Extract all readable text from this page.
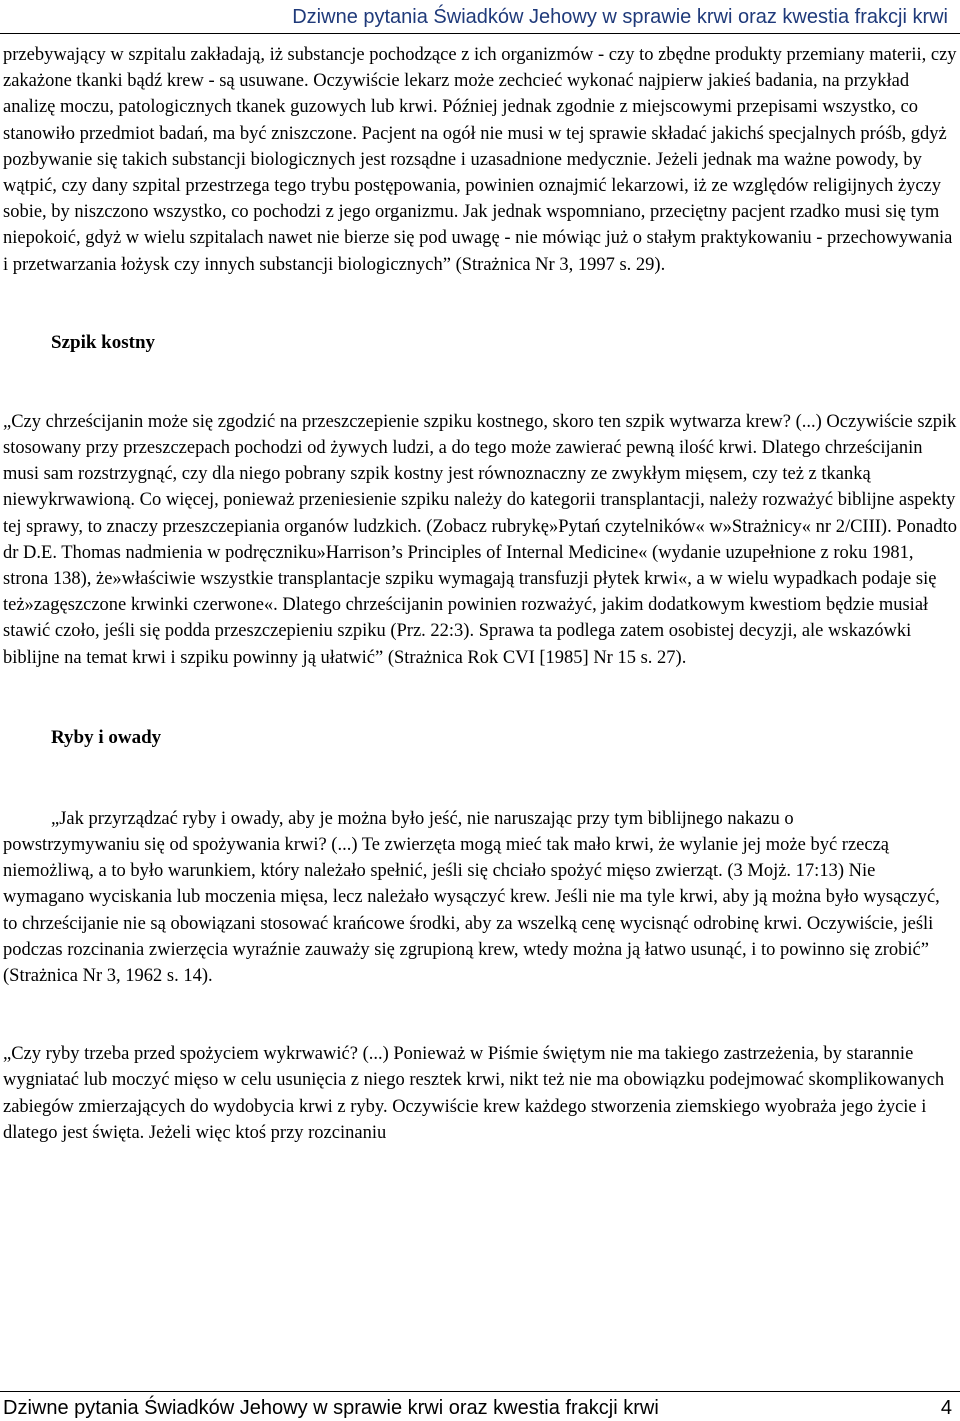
Dziwne pytania Świadków Jehowy w sprawie krwi oraz kwestia frakcji krwi

przebywający w szpitalu zakładają, iż substancje pochodzące z ich organizmów - czy to zbędne produkty przemiany materii, czy zakażone tkanki bądź krew - są usuwane. Oczywiście lekarz może zechcieć wykonać najpierw jakieś badania, na przykład analizę moczu, patologicznych tkanek guzowych lub krwi. Później jednak zgodnie z miejscowymi przepisami wszystko, co stanowiło przedmiot badań, ma być zniszczone. Pacjent na ogół nie musi w tej sprawie składać jakichś specjalnych próśb, gdyż pozbywanie się takich substancji biologicznych jest rozsądne i uzasadnione medycznie. Jeżeli jednak ma ważne powody, by wątpić, czy dany szpital przestrzega tego trybu postępowania, powinien oznajmić lekarzowi, iż ze względów religijnych życzy sobie, by niszczono wszystko, co pochodzi z jego organizmu. Jak jednak wspomniano, przeciętny pacjent rzadko musi się tym niepokoić, gdyż w wielu szpitalach nawet nie bierze się pod uwagę - nie mówiąc już o stałym praktykowaniu - przechowywania i przetwarzania łożysk czy innych substancji biologicznych” (Strażnica Nr 3, 1997 s. 29).

Szpik kostny

„Czy chrześcijanin może się zgodzić na przeszczepienie szpiku kostnego, skoro ten szpik wytwarza krew? (...) Oczywiście szpik stosowany przy przeszczepach pochodzi od żywych ludzi, a do tego może zawierać pewną ilość krwi. Dlatego chrześcijanin musi sam rozstrzygnąć, czy dla niego pobrany szpik kostny jest równoznaczny ze zwykłym mięsem, czy też z tkanką niewykrwawioną. Co więcej, ponieważ przeniesienie szpiku należy do kategorii transplantacji, należy rozważyć biblijne aspekty tej sprawy, to znaczy przeszczepiania organów ludzkich. (Zobacz rubrykę»Pytań czytelników« w»Strażnicy« nr 2/CIII). Ponadto dr D.E. Thomas nadmienia w podręczniku»Harrison’s Principles of Internal Medicine« (wydanie uzupełnione z roku 1981, strona 138), że»właściwie wszystkie transplantacje szpiku wymagają transfuzji płytek krwi«, a w wielu wypadkach podaje się też»zagęszczone krwinki czerwone«. Dlatego chrześcijanin powinien rozważyć, jakim dodatkowym kwestiom będzie musiał stawić czoło, jeśli się podda przeszczepieniu szpiku (Prz. 22:3). Sprawa ta podlega zatem osobistej decyzji, ale wskazówki biblijne na temat krwi i szpiku powinny ją ułatwić” (Strażnica Rok CVI [1985] Nr 15 s. 27).

Ryby i owady

„Jak przyrządzać ryby i owady, aby je można było jeść, nie naruszając przy tym biblijnego nakazu o

powstrzymywaniu się od spożywania krwi? (...) Te zwierzęta mogą mieć tak mało krwi, że wylanie jej może być rzeczą niemożliwą, a to było warunkiem, który należało spełnić, jeśli się chciało spożyć mięso zwierząt. (3 Mojż. 17:13) Nie wymagano wyciskania lub moczenia mięsa, lecz należało wysączyć krew. Jeśli nie ma tyle krwi, aby ją można było wysączyć, to chrześcijanie nie są obowiązani stosować krańcowe środki, aby za wszelką cenę wycisnąć odrobinę krwi. Oczywiście, jeśli podczas rozcinania zwierzęcia wyraźnie zauważy się zgrupioną krew, wtedy można ją łatwo usunąć, i to powinno się zrobić” (Strażnica Nr 3, 1962 s. 14).

„Czy ryby trzeba przed spożyciem wykrwawić? (...) Ponieważ w Piśmie świętym nie ma takiego zastrzeżenia, by starannie wygniatać lub moczyć mięso w celu usunięcia z niego resztek krwi, nikt też nie ma obowiązku podejmować skomplikowanych zabiegów zmierzających do wydobycia krwi z ryby. Oczywiście krew każdego stworzenia ziemskiego wyobraża jego życie i dlatego jest święta. Jeżeli więc ktoś przy rozcinaniu

Dziwne pytania Świadków Jehowy w sprawie krwi oraz kwestia frakcji krwi	4
